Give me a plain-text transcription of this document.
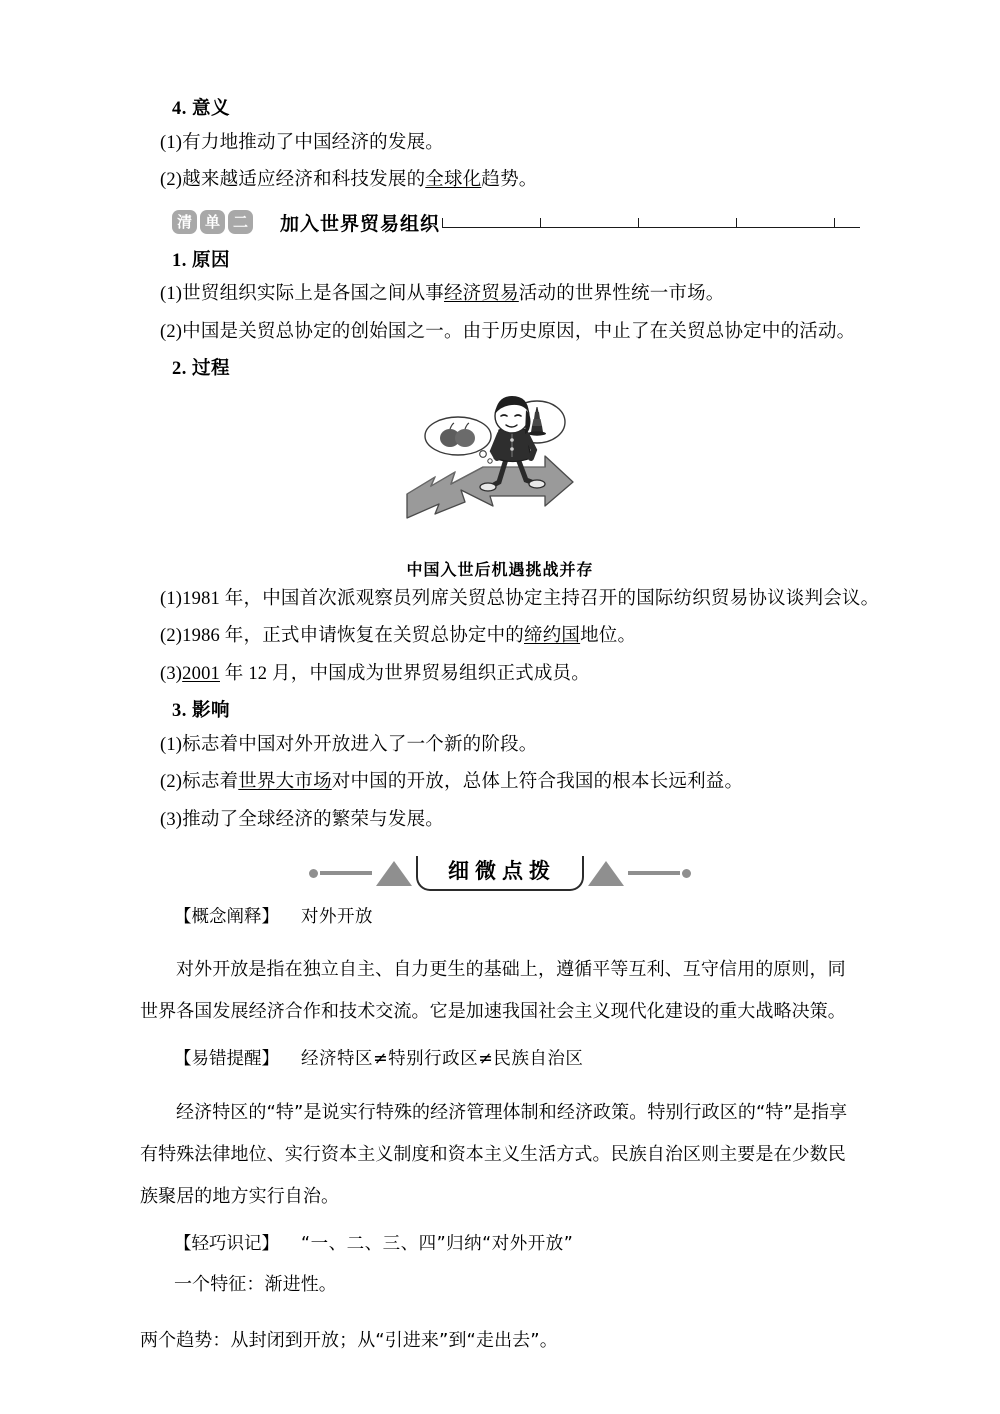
4. 意义
(1)有力地推动了中国经济的发展。
(2)越来越适应经济和科技发展的全球化趋势。
清 单 二 加入世界贸易组织
1. 原因
(1)世贸组织实际上是各国之间从事经济贸易活动的世界性统一市场。
(2)中国是关贸总协定的创始国之一。由于历史原因，中止了在关贸总协定中的活动。
2. 过程
中国入世后机遇挑战并存
(1)1981 年，中国首次派观察员列席关贸总协定主持召开的国际纺织贸易协议谈判会议。
(2)1986 年，正式申请恢复在关贸总协定中的缔约国地位。
(3)2001 年 12 月，中国成为世界贸易组织正式成员。
3. 影响
(1)标志着中国对外开放进入了一个新的阶段。
(2)标志着世界大市场对中国的开放，总体上符合我国的根本长远利益。
(3)推动了全球经济的繁荣与发展。
细微点拨
【概念阐释】 对外开放
对外开放是指在独立自主、自力更生的基础上，遵循平等互利、互守信用的原则，同世界各国发展经济合作和技术交流。它是加速我国社会主义现代化建设的重大战略决策。
【易错提醒】 经济特区≠特别行政区≠民族自治区
经济特区的“特”是说实行特殊的经济管理体制和经济政策。特别行政区的“特”是指享有特殊法律地位、实行资本主义制度和资本主义生活方式。民族自治区则主要是在少数民族聚居的地方实行自治。
【轻巧识记】 “一、二、三、四”归纳“对外开放”
一个特征：渐进性。
两个趋势：从封闭到开放；从“引进来”到“走出去”。
